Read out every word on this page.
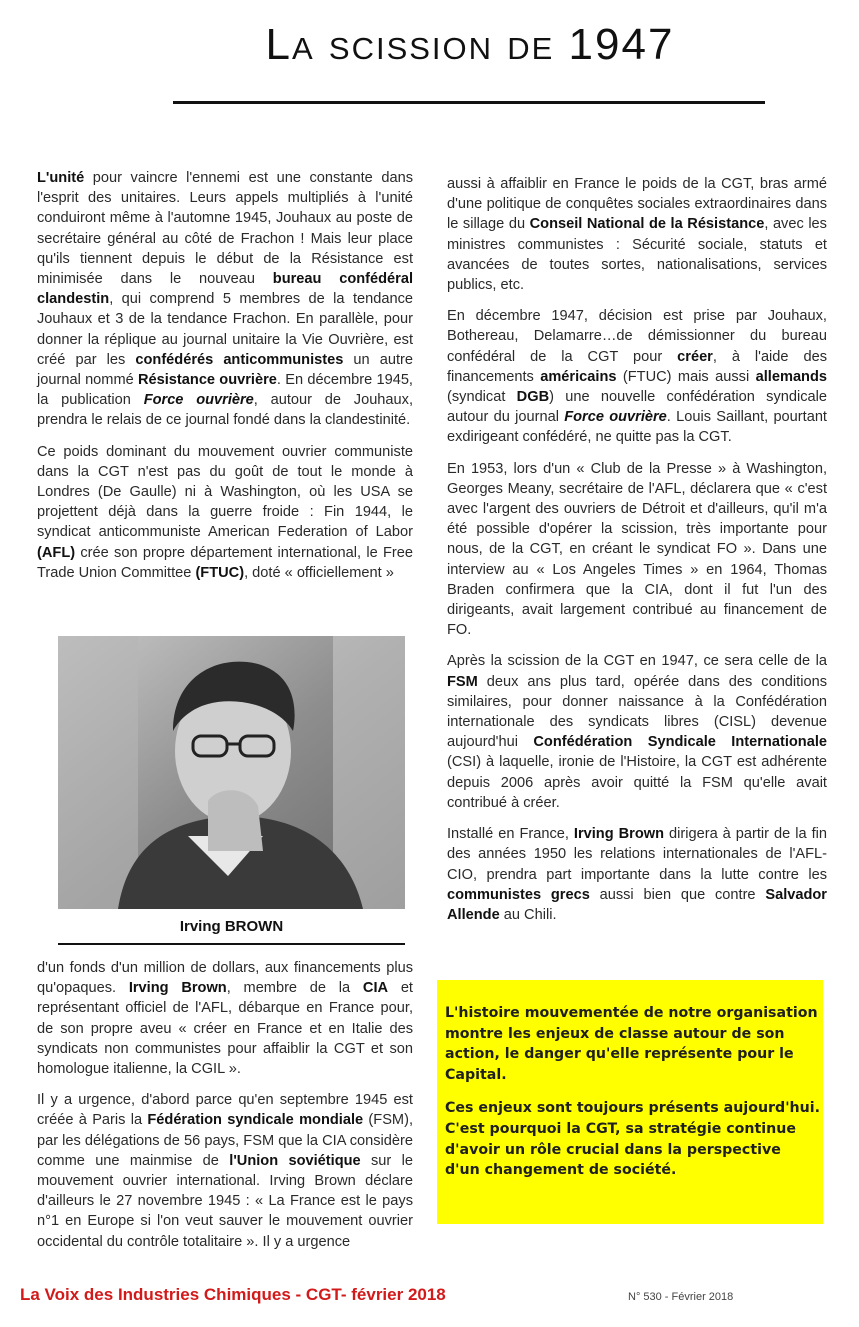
La scission de 1947

L'unité pour vaincre l'ennemi est une constante dans l'esprit des unitaires. Leurs appels multipliés à l'unité conduiront même à l'automne 1945, Jouhaux au poste de secrétaire général au côté de Frachon ! Mais leur place qu'ils tiennent depuis le début de la Résistance est minimisée dans le nouveau bureau confédéral clandestin, qui comprend 5 membres de la tendance Jouhaux et 3 de la tendance Frachon. En parallèle, pour donner la réplique au journal unitaire la Vie Ouvrière, est créé par les confédérés anticommunistes un autre journal nommé Résistance ouvrière. En décembre 1945, la publication Force ouvrière, autour de Jouhaux, prendra le relais de ce journal fondé dans la clandestinité.

Ce poids dominant du mouvement ouvrier communiste dans la CGT n'est pas du goût de tout le monde à Londres (De Gaulle) ni à Washington, où les USA se projettent déjà dans la guerre froide : Fin 1944, le syndicat anticommuniste American Federation of Labor (AFL) crée son propre département international, le Free Trade Union Committee (FTUC), doté « officiellement »

Irving BROWN

d'un fonds d'un million de dollars, aux financements plus qu'opaques. Irving Brown, membre de la CIA et représentant officiel de l'AFL, débarque en France pour, de son propre aveu « créer en France et en Italie des syndicats non communistes pour affaiblir la CGT et son homologue italienne, la CGIL ».

Il y a urgence, d'abord parce qu'en septembre 1945 est créée à Paris la Fédération syndicale mondiale (FSM), par les délégations de 56 pays, FSM que la CIA considère comme une mainmise de l'Union soviétique sur le mouvement ouvrier international. Irving Brown déclare d'ailleurs le 27 novembre 1945 : « La France est le pays n°1 en Europe si l'on veut sauver le mouvement ouvrier occidental du contrôle totalitaire ». Il y a urgence

aussi à affaiblir en France le poids de la CGT, bras armé d'une politique de conquêtes sociales extraordinaires dans le sillage du Conseil National de la Résistance, avec les ministres communistes : Sécurité sociale, statuts et avancées de toutes sortes, nationalisations, services publics, etc.

En décembre 1947, décision est prise par Jouhaux, Bothereau, Delamarre…de démissionner du bureau confédéral de la CGT pour créer, à l'aide des financements américains (FTUC) mais aussi allemands (syndicat DGB) une nouvelle confédération syndicale autour du journal Force ouvrière. Louis Saillant, pourtant exdirigeant confédéré, ne quitte pas la CGT.

En 1953, lors d'un « Club de la Presse » à Washington, Georges Meany, secrétaire de l'AFL, déclarera que « c'est avec l'argent des ouvriers de Détroit et d'ailleurs, qu'il m'a été possible d'opérer la scission, très importante pour nous, de la CGT, en créant le syndicat FO ». Dans une interview au « Los Angeles Times » en 1964, Thomas Braden confirmera que la CIA, dont il fut l'un des dirigeants, avait largement contribué au financement de FO.

Après la scission de la CGT en 1947, ce sera celle de la FSM deux ans plus tard, opérée dans des conditions similaires, pour donner naissance à la Confédération internationale des syndicats libres (CISL) devenue aujourd'hui Confédération Syndicale Internationale (CSI) à laquelle, ironie de l'Histoire, la CGT est adhérente depuis 2006 après avoir quitté la FSM qu'elle avait contribué à créer.

Installé en France, Irving Brown dirigera à partir de la fin des années 1950 les relations internationales de l'AFL-CIO, prendra part importante dans la lutte contre les communistes grecs aussi bien que contre Salvador Allende au Chili.

L'histoire mouvementée de notre organisation montre les enjeux de classe autour de son action, le danger qu'elle représente pour le Capital.

Ces enjeux sont toujours présents aujourd'hui. C'est pourquoi la CGT, sa stratégie continue d'avoir un rôle crucial dans la perspective d'un changement de société.

La Voix des Industries Chimiques - CGT- février 2018	N° 530 - Février 2018
